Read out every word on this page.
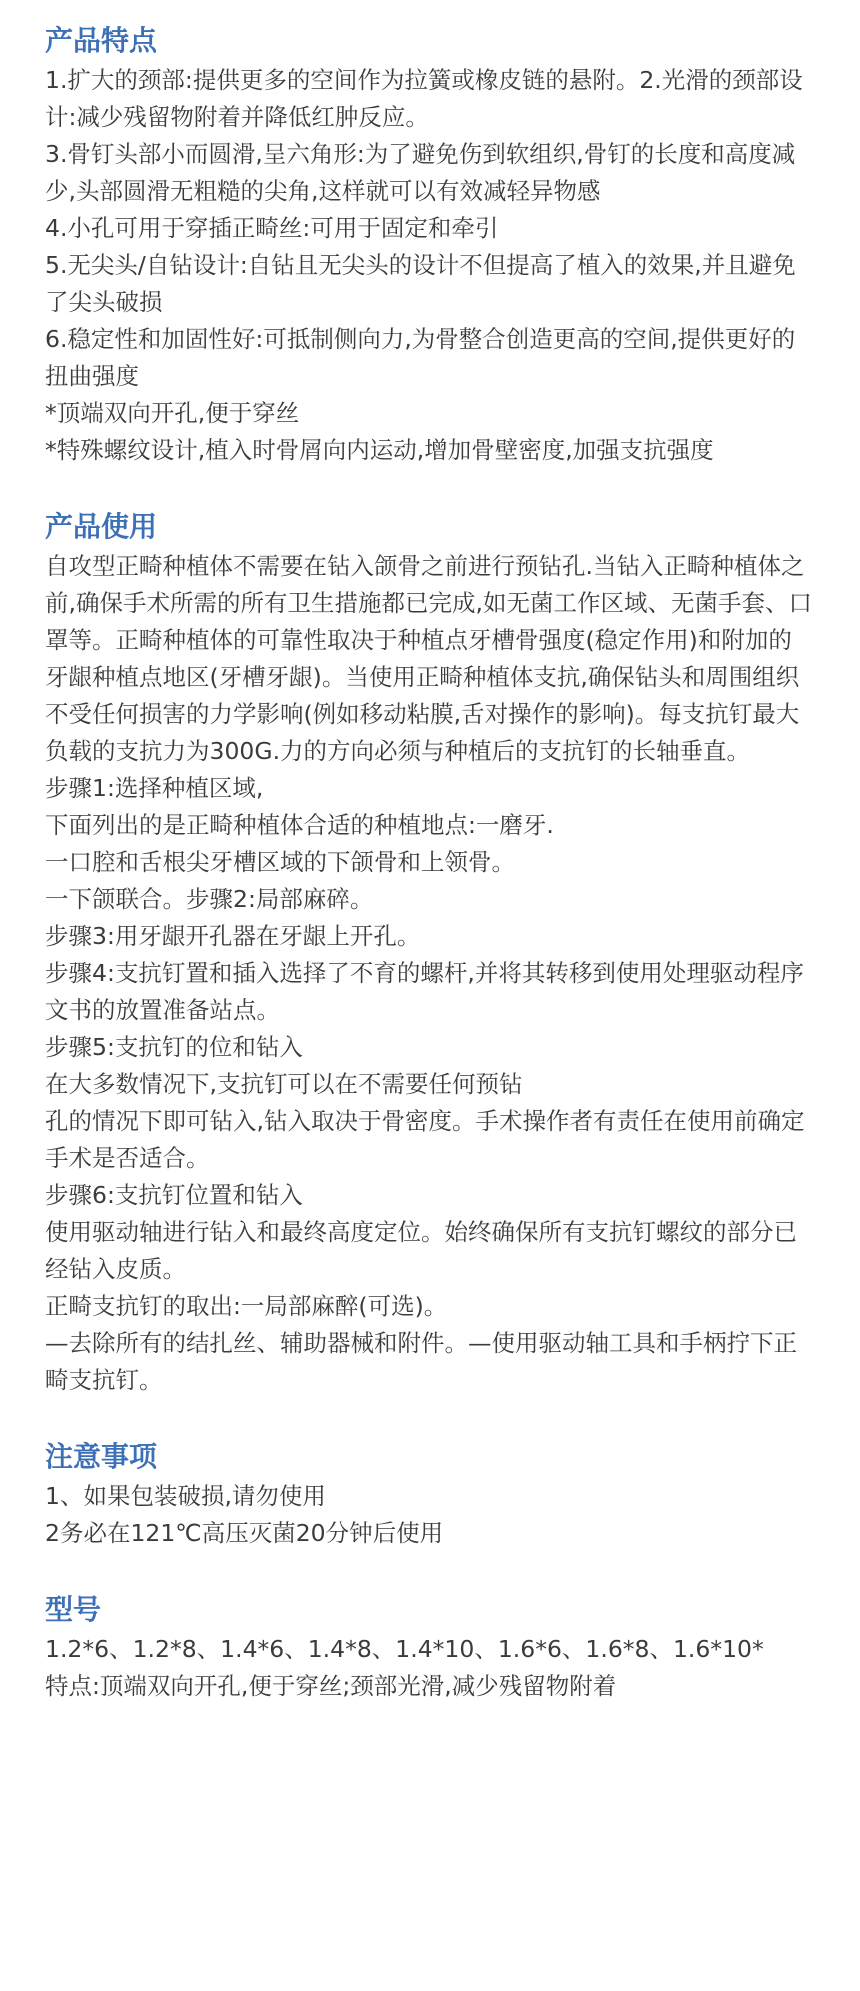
产品特点

1.扩大的颈部:提供更多的空间作为拉簧或橡皮链的悬附。2.光滑的颈部设计:减少残留物附着并降低红肿反应。

3.骨钉头部小而圆滑,呈六角形:为了避免伤到软组织,骨钉的长度和高度减少,头部圆滑无粗糙的尖角,这样就可以有效减轻异物感

4.小孔可用于穿插正畸丝:可用于固定和牵引

5.无尖头/自钻设计:自钻且无尖头的设计不但提高了植入的效果,并且避免了尖头破损

6.稳定性和加固性好:可抵制侧向力,为骨整合创造更高的空间,提供更好的扭曲强度

*顶端双向开孔,便于穿丝

*特殊螺纹设计,植入时骨屑向内运动,增加骨壁密度,加强支抗强度

产品使用

自攻型正畸种植体不需要在钻入颌骨之前进行预钻孔.当钻入正畸种植体之前,确保手术所需的所有卫生措施都已完成,如无菌工作区域、无菌手套、口罩等。正畸种植体的可靠性取决于种植点牙槽骨强度(稳定作用)和附加的牙龈种植点地区(牙槽牙龈)。当使用正畸种植体支抗,确保钻头和周围组织不受任何损害的力学影响(例如移动粘膜,舌对操作的影响)。每支抗钉最大负载的支抗力为300G.力的方向必须与种植后的支抗钉的长轴垂直。

步骤1:选择种植区域,

下面列出的是正畸种植体合适的种植地点:一磨牙.

一口腔和舌根尖牙槽区域的下颌骨和上领骨。

一下颌联合。步骤2:局部麻碎。

步骤3:用牙龈开孔器在牙龈上开孔。

步骤4:支抗钉置和插入选择了不育的螺杆,并将其转移到使用处理驱动程序文书的放置准备站点。

步骤5:支抗钉的位和钻入

在大多数情况下,支抗钉可以在不需要任何预钻

孔的情况下即可钻入,钻入取决于骨密度。手术操作者有责任在使用前确定手术是否适合。

步骤6:支抗钉位置和钻入

使用驱动轴进行钻入和最终高度定位。始终确保所有支抗钉螺纹的部分已经钻入皮质。

正畸支抗钉的取出:一局部麻醉(可选)。

—去除所有的结扎丝、辅助器械和附件。—使用驱动轴工具和手柄拧下正畸支抗钉。

注意事项

1、如果包装破损,请勿使用

2务必在121℃高压灭菌20分钟后使用

型号

1.2*6、1.2*8、1.4*6、1.4*8、1.4*10、1.6*6、1.6*8、1.6*10*

特点:顶端双向开孔,便于穿丝;颈部光滑,减少残留物附着
